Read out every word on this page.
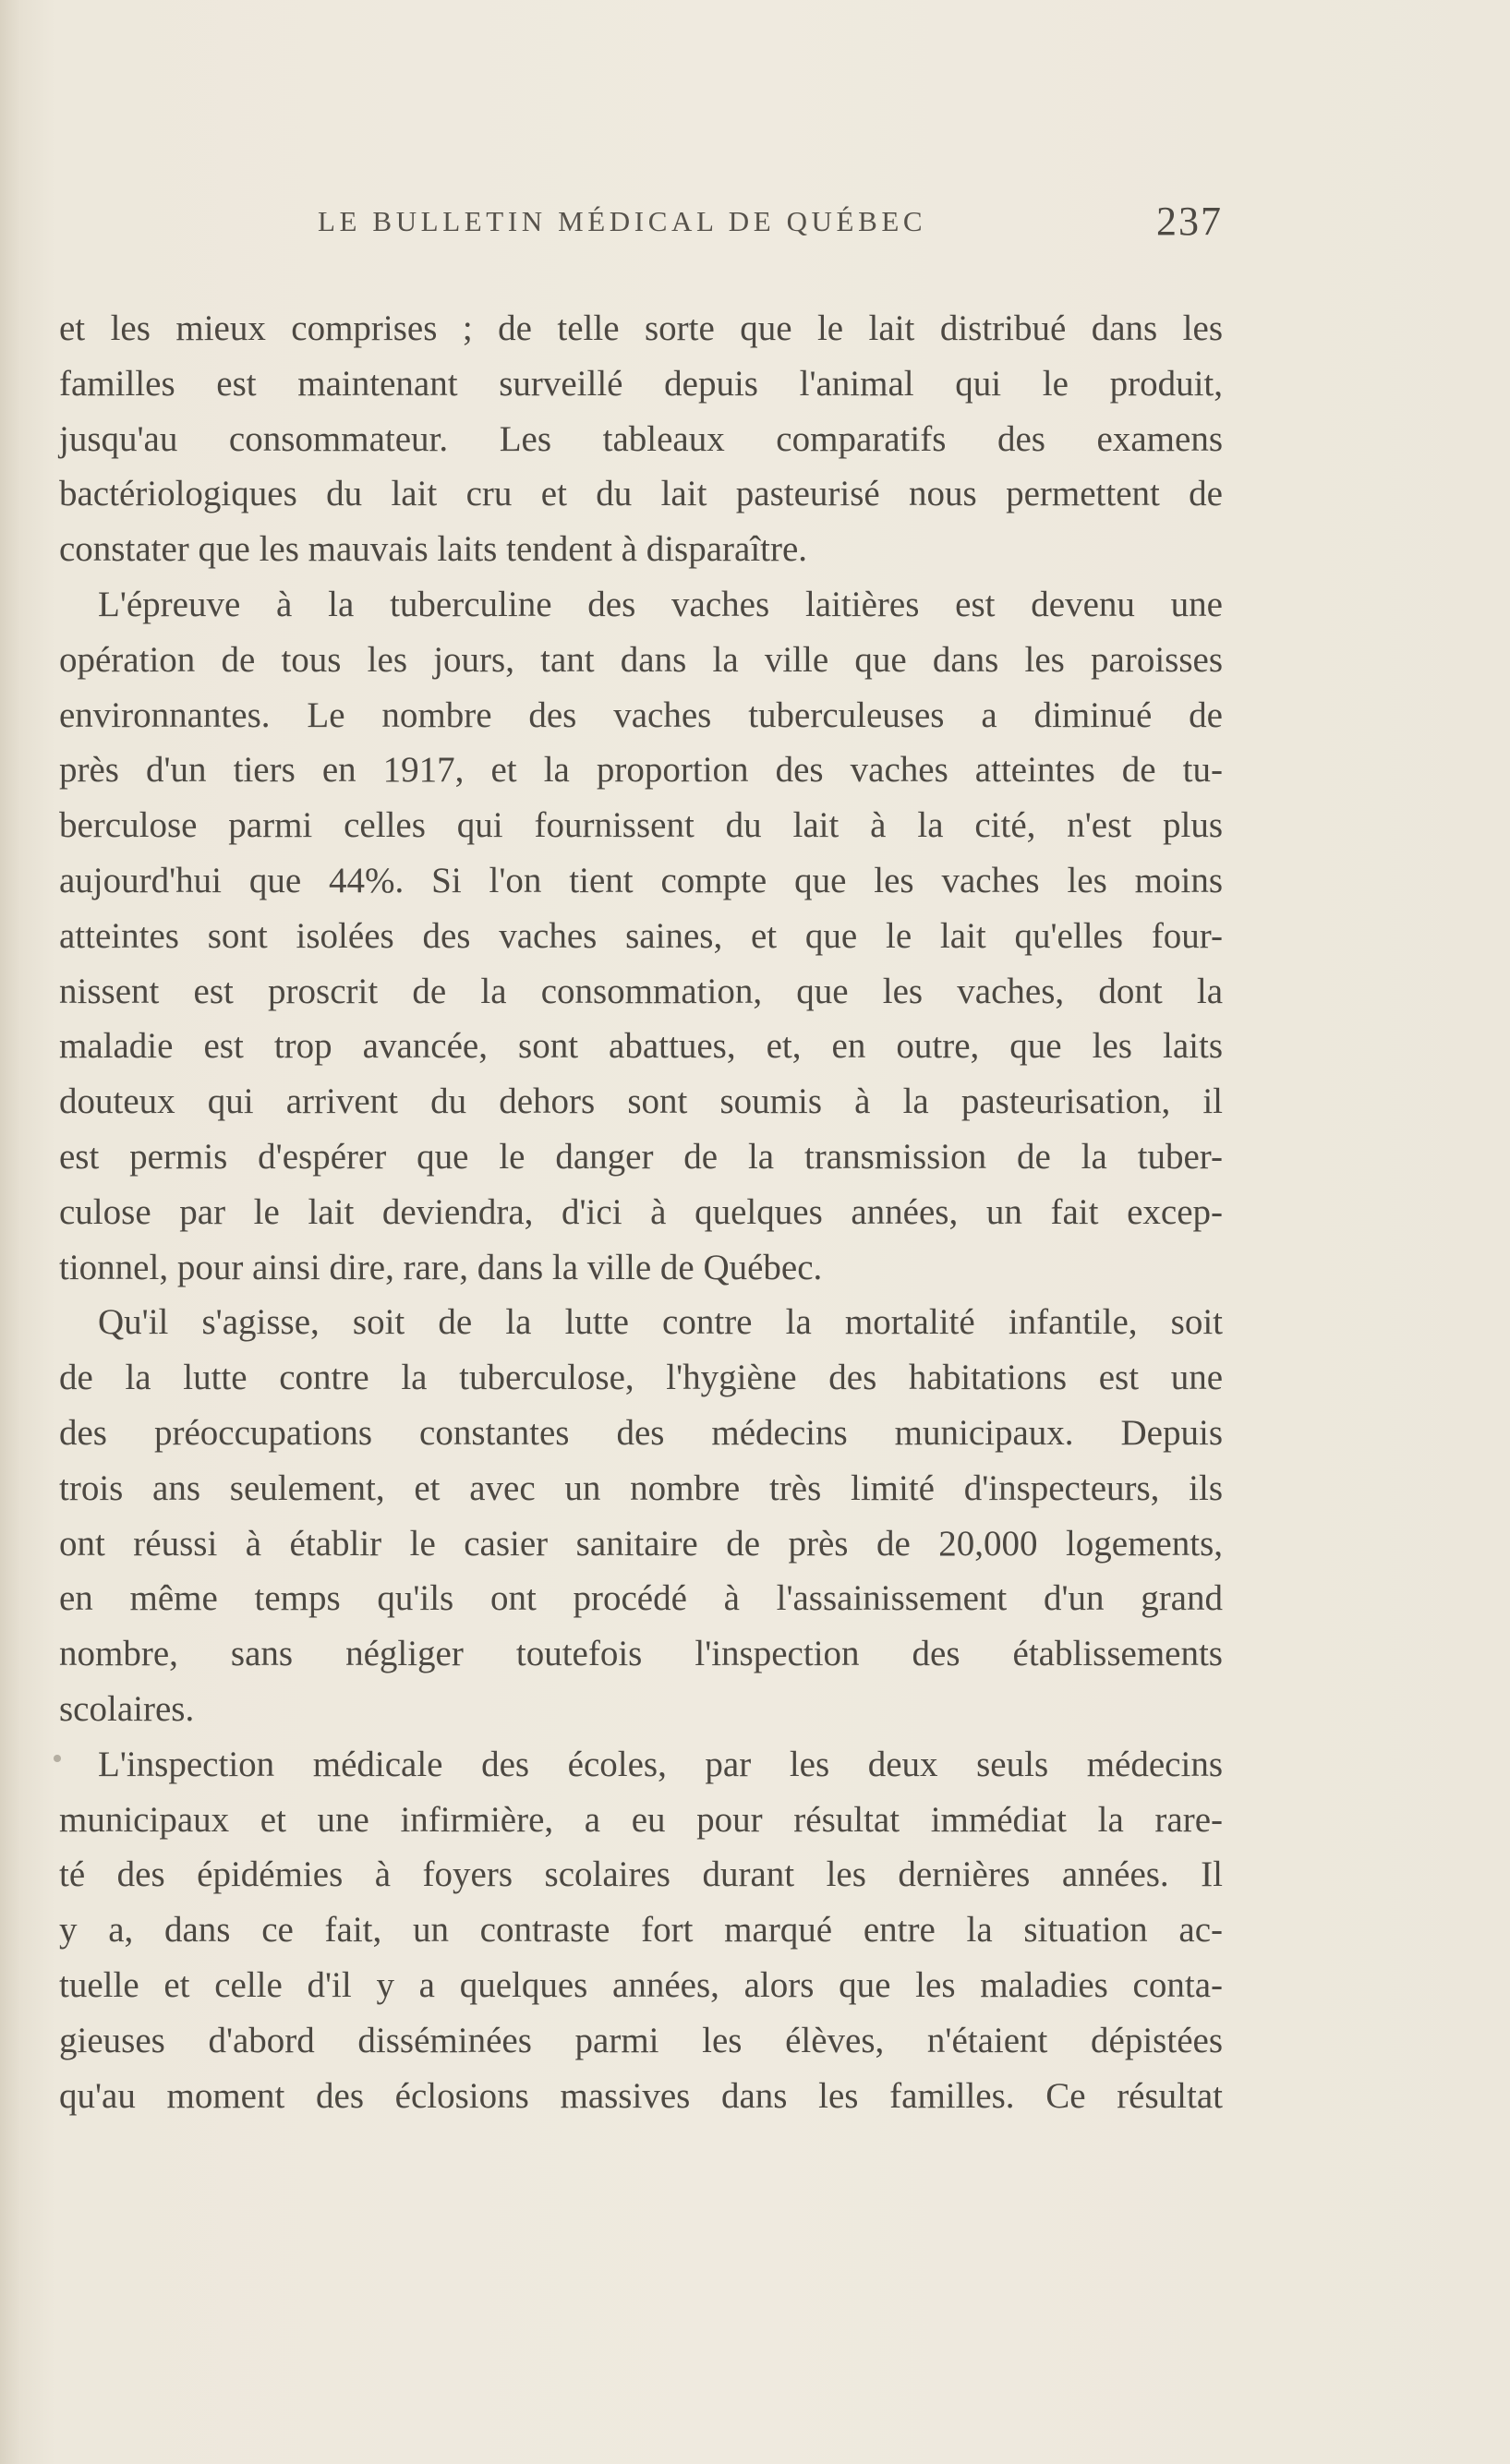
LE BULLETIN MÉDICAL DE QUÉBEC	237
et les mieux comprises ; de telle sorte que le lait distribué dans les
familles est maintenant surveillé depuis l'animal qui le produit,
jusqu'au consommateur. Les tableaux comparatifs des examens
bactériologiques du lait cru et du lait pasteurisé nous permettent de
constater que les mauvais laits tendent à disparaître.
L'épreuve à la tuberculine des vaches laitières est devenu une
opération de tous les jours, tant dans la ville que dans les paroisses
environnantes. Le nombre des vaches tuberculeuses a diminué de
près d'un tiers en 1917, et la proportion des vaches atteintes de tu-
berculose parmi celles qui fournissent du lait à la cité, n'est plus
aujourd'hui que 44%. Si l'on tient compte que les vaches les moins
atteintes sont isolées des vaches saines, et que le lait qu'elles four-
nissent est proscrit de la consommation, que les vaches, dont la
maladie est trop avancée, sont abattues, et, en outre, que les laits
douteux qui arrivent du dehors sont soumis à la pasteurisation, il
est permis d'espérer que le danger de la transmission de la tuber-
culose par le lait deviendra, d'ici à quelques années, un fait excep-
tionnel, pour ainsi dire, rare, dans la ville de Québec.
Qu'il s'agisse, soit de la lutte contre la mortalité infantile, soit
de la lutte contre la tuberculose, l'hygiène des habitations est une
des préoccupations constantes des médecins municipaux. Depuis
trois ans seulement, et avec un nombre très limité d'inspecteurs, ils
ont réussi à établir le casier sanitaire de près de 20,000 logements,
en même temps qu'ils ont procédé à l'assainissement d'un grand
nombre, sans négliger toutefois l'inspection des établissements
scolaires.
L'inspection médicale des écoles, par les deux seuls médecins
municipaux et une infirmière, a eu pour résultat immédiat la rare-
té des épidémies à foyers scolaires durant les dernières années. Il
y a, dans ce fait, un contraste fort marqué entre la situation ac-
tuelle et celle d'il y a quelques années, alors que les maladies conta-
gieuses d'abord disséminées parmi les élèves, n'étaient dépistées
qu'au moment des éclosions massives dans les familles. Ce résultat
